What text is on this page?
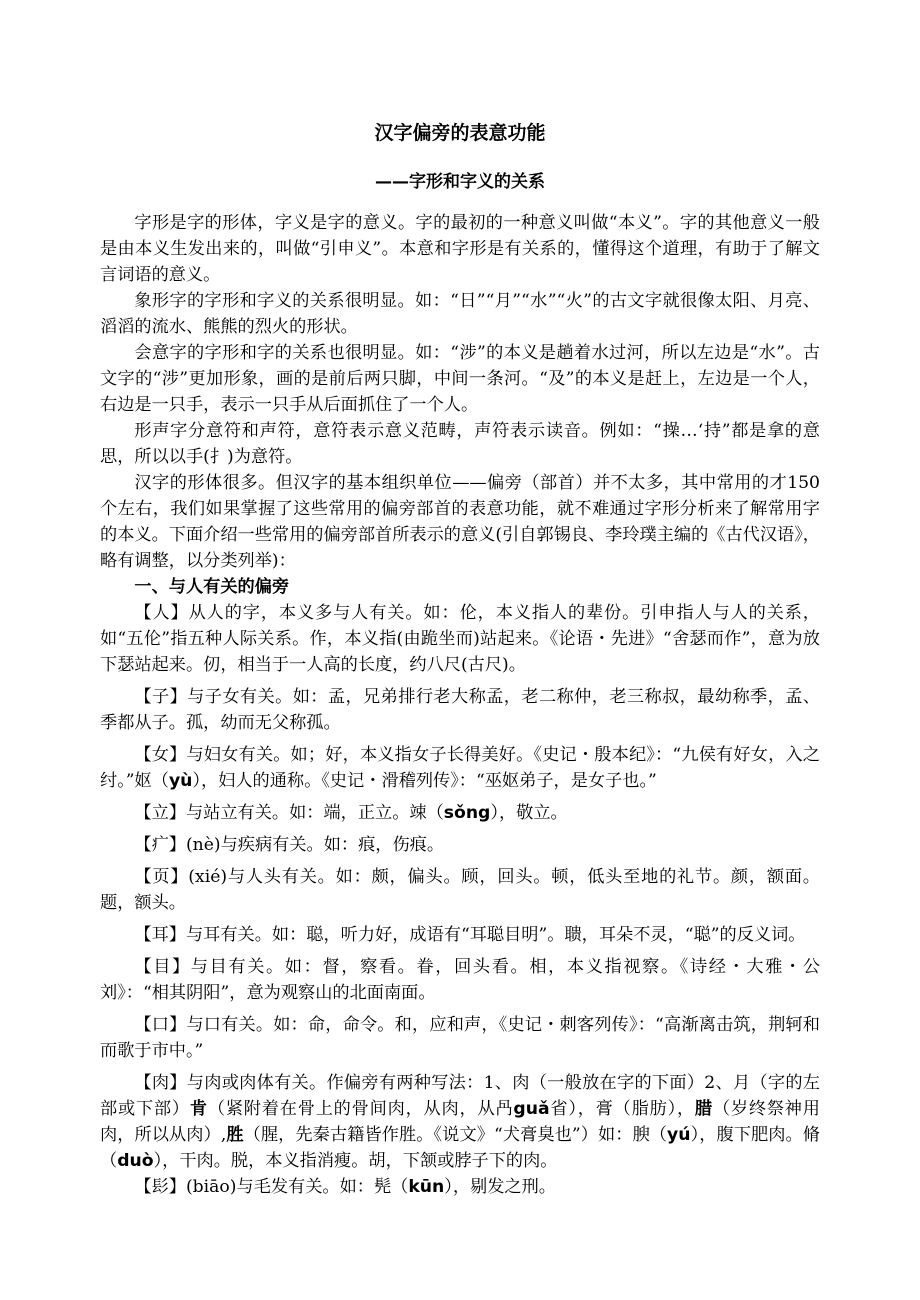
汉字偏旁的表意功能
——字形和字义的关系

字形是字的形体，字义是字的意义。字的最初的一种意义叫做“本义”。字的其他意义一般是由本义生发出来的，叫做“引申义”。本意和字形是有关系的，懂得这个道理，有助于了解文言词语的意义。

象形字的字形和字义的关系很明显。如：“日”“月”“水”“火”的古文字就很像太阳、月亮、滔滔的流水、熊熊的烈火的形状。

会意字的字形和字的关系也很明显。如：“涉”的本义是趟着水过河，所以左边是“水”。古文字的“涉”更加形象，画的是前后两只脚，中间一条河。“及”的本义是赶上，左边是一个人，右边是一只手，表示一只手从后面抓住了一个人。

形声字分意符和声符，意符表示意义范畴，声符表示读音。例如：“操…‘持”都是拿的意思，所以以手(扌)为意符。

汉字的形体很多。但汉字的基本组织单位——偏旁（部首）并不太多，其中常用的才150个左右，我们如果掌握了这些常用的偏旁部首的表意功能，就不难通过字形分析来了解常用字的本义。下面介绍一些常用的偏旁部首所表示的意义(引自郭锡良、李玲璞主编的《古代汉语》，略有调整，以分类列举)：

一、与人有关的偏旁

【人】从人的字，本义多与人有关。如：伦，本义指人的辈份。引申指人与人的关系，如“五伦”指五种人际关系。作，本义指(由跪坐而)站起来。《论语・先进》“舍瑟而作”，意为放下瑟站起来。仞，相当于一人高的长度，约八尺(古尺)。

【子】与子女有关。如：孟，兄弟排行老大称孟，老二称仲，老三称叔，最幼称季，孟、季都从子。孤，幼而无父称孤。

【女】与妇女有关。如；好，本义指女子长得美好。《史记・殷本纪》：“九侯有好女，入之纣。”妪（yù），妇人的通称。《史记・滑稽列传》：“巫妪弟子，是女子也。”

【立】与站立有关。如：端，正立。竦（sǒng），敬立。

【疒】(nè)与疾病有关。如：痕，伤痕。

【页】(xié)与人头有关。如：颇，偏头。顾，回头。顿，低头至地的礼节。颜，额面。题，额头。

【耳】与耳有关。如：聪，听力好，成语有“耳聪目明”。聩，耳朵不灵，“聪”的反义词。

【目】与目有关。如：督，察看。眷，回头看。相，本义指视察。《诗经・大雅・公刘》：“相其阴阳”，意为观察山的北面南面。

【口】与口有关。如：命，命令。和，应和声，《史记・刺客列传》：“高渐离击筑，荆轲和而歌于市中。”

【肉】与肉或肉体有关。作偏旁有两种写法：1、肉（一般放在字的下面）2、月（字的左部或下部）肯（紧附着在骨上的骨间肉，从肉，从冎guǎ省），膏（脂肪），腊（岁终祭神用肉，所以从肉）,胜（腥，先秦古籍皆作胜。《说文》“犬膏臭也”）如：腴（yú），腹下肥肉。脩（duò），干肉。脱，本义指消瘦。胡，下颔或脖子下的肉。

【髟】(biāo)与毛发有关。如：髡（kūn），剔发之刑。
